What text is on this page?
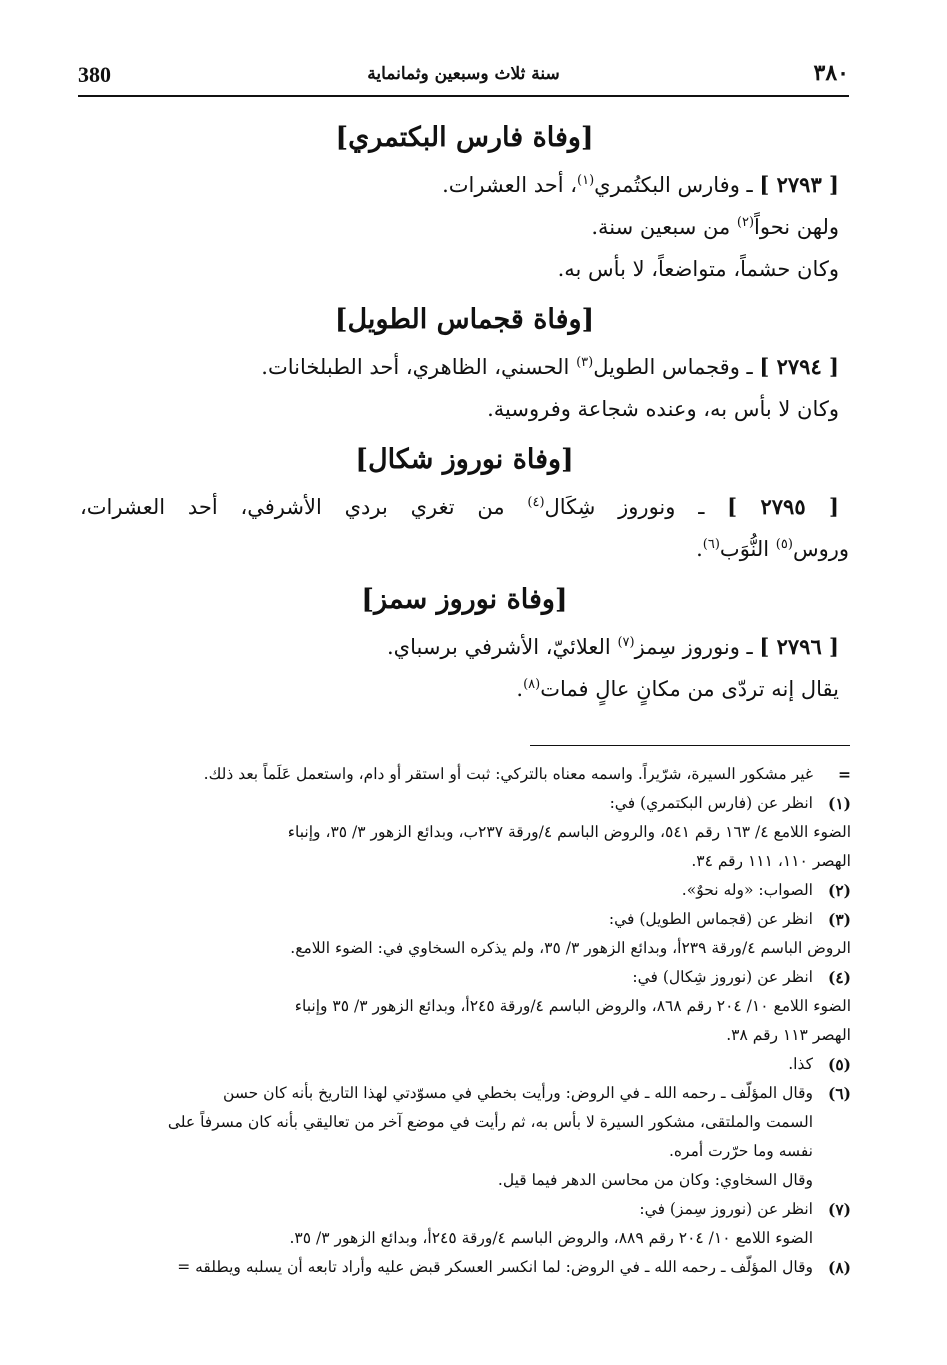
380	سنة ثلاث وسبعين وثمانماية	٣٨٠
[وفاة فارس البكتمري]
[ ٢٧٩٣ ] ـ وفارس البكتُمري$^{(١)}$، أحد العشرات.
ولهن نحواً$^{(٢)}$ من سبعين سنة.
وكان حشماً، متواضعاً، لا بأس به.
[وفاة قجماس الطويل]
[ ٢٧٩٤ ] ـ وقجماس الطويل$^{(٣)}$ الحسني، الظاهري، أحد الطبلخانات.
وكان لا بأس به، وعنده شجاعة وفروسية.
[وفاة نوروز شكال]
[ ٢٧٩٥ ] ـ ونوروز شِكَال$^{(٤)}$ من تغري بردي الأشرفي، أحد العشرات،
وروس$^{(٥)}$ النُّوَب$^{(٦)}$.
[وفاة نوروز سمز]
[ ٢٧٩٦ ] ـ ونوروز سِمز$^{(٧)}$ العلائيّ، الأشرفي برسباي.
يقال إنه تردّى من مكانٍ عالٍ فمات$^{(٨)}$.
=

غير مشكور السيرة، شرّيراً. واسمه معناه بالتركي: ثبت أو استقر أو دام، واستعمل عَلَماً بعد ذلك.

(١)

انظر عن (فارس البكتمري) في:

الضوء اللامع ٤/ ١٦٣ رقم ٥٤١، والروض الباسم ٤/ورقة ٢٣٧ب، وبدائع الزهور ٣/ ٣٥، وإنباء
الهصر ١١٠، ١١١ رقم ٣٤.
(٢)

الصواب: «وله نحوٌ».

(٣)

انظر عن (قجماس الطويل) في:

الروض الباسم ٤/ورقة ٢٣٩أ، وبدائع الزهور ٣/ ٣٥، ولم يذكره السخاوي في: الضوء اللامع.
(٤)

انظر عن (نوروز شِكال) في:

الضوء اللامع ١٠/ ٢٠٤ رقم ٨٦٨، والروض الباسم ٤/ورقة ٢٤٥أ، وبدائع الزهور ٣/ ٣٥ وإنباء
الهصر ١١٣ رقم ٣٨.
(٥)

كذا.

(٦)

وقال المؤلّف ـ رحمه الله ـ في الروض: ورأيت بخطي في مسوّدتي لهذا التاريخ بأنه كان حسن

السمت والملتقى، مشكور السيرة لا بأس به، ثم رأيت في موضع آخر من تعاليقي بأنه كان مسرفاً على

نفسه وما حرّرت أمره.

وقال السخاوي: وكان من محاسن الدهر فيما قيل.

(٧)

انظر عن (نوروز سِمز) في:

الضوء اللامع ١٠/ ٢٠٤ رقم ٨٨٩، والروض الباسم ٤/ورقة ٢٤٥أ، وبدائع الزهور ٣/ ٣٥.
(٨)

وقال المؤلّف ـ رحمه الله ـ في الروض: لما انكسر العسكر قبض عليه وأراد تابعه أن يسلبه ويطلقه =
